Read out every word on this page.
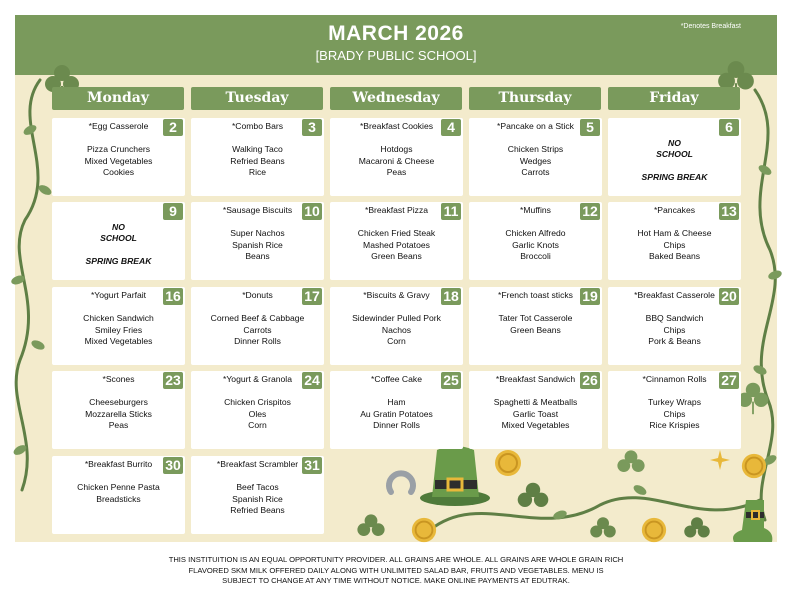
MARCH 2026
[BRADY PUBLIC SCHOOL]
*Denotes Breakfast
Monday	Tuesday	Wednesday	Thursday	Friday
2
*Egg Casserole
Pizza Crunchers
Mixed Vegetables
Cookies
3
*Combo Bars
Walking Taco
Refried Beans
Rice
4
*Breakfast Cookies
Hotdogs
Macaroni & Cheese
Peas
5
*Pancake on a Stick
Chicken Strips
Wedges
Carrots
6
NO
SCHOOL
SPRING BREAK
9
NO
SCHOOL
SPRING BREAK
10
*Sausage Biscuits
Super Nachos
Spanish Rice
Beans
11
*Breakfast Pizza
Chicken Fried Steak
Mashed Potatoes
Green Beans
12
*Muffins
Chicken Alfredo
Garlic Knots
Broccoli
13
*Pancakes
Hot Ham & Cheese
Chips
Baked Beans
16
*Yogurt Parfait
Chicken Sandwich
Smiley Fries
Mixed Vegetables
17
*Donuts
Corned Beef & Cabbage
Carrots
Dinner Rolls
18
*Biscuits & Gravy
Sidewinder Pulled Pork
Nachos
Corn
19
*French toast sticks
Tater Tot Casserole
Green Beans
20
*Breakfast Casserole
BBQ Sandwich
Chips
Pork & Beans
23
*Scones
Cheeseburgers
Mozzarella Sticks
Peas
24
*Yogurt & Granola
Chicken Crispitos
Oles
Corn
25
*Coffee Cake
Ham
Au Gratin Potatoes
Dinner Rolls
26
*Breakfast Sandwich
Spaghetti & Meatballs
Garlic Toast
Mixed Vegetables
27
*Cinnamon Rolls
Turkey Wraps
Chips
Rice Krispies
30
*Breakfast Burrito
Chicken Penne Pasta
Breadsticks
31
*Breakfast Scrambler
Beef Tacos
Spanish Rice
Refried Beans
THIS INSTITUITION IS AN EQUAL OPPORTUNITY PROVIDER. ALL GRAINS ARE WHOLE. ALL GRAINS ARE WHOLE GRAIN RICH
FLAVORED SKM MILK OFFERED DAILY ALONG WITH UNLIMITED SALAD BAR, FRUITS AND VEGETABLES. MENU IS
SUBJECT TO CHANGE AT ANY TIME WITHOUT NOTICE. MAKE ONLINE PAYMENTS AT EDUTRAK.
